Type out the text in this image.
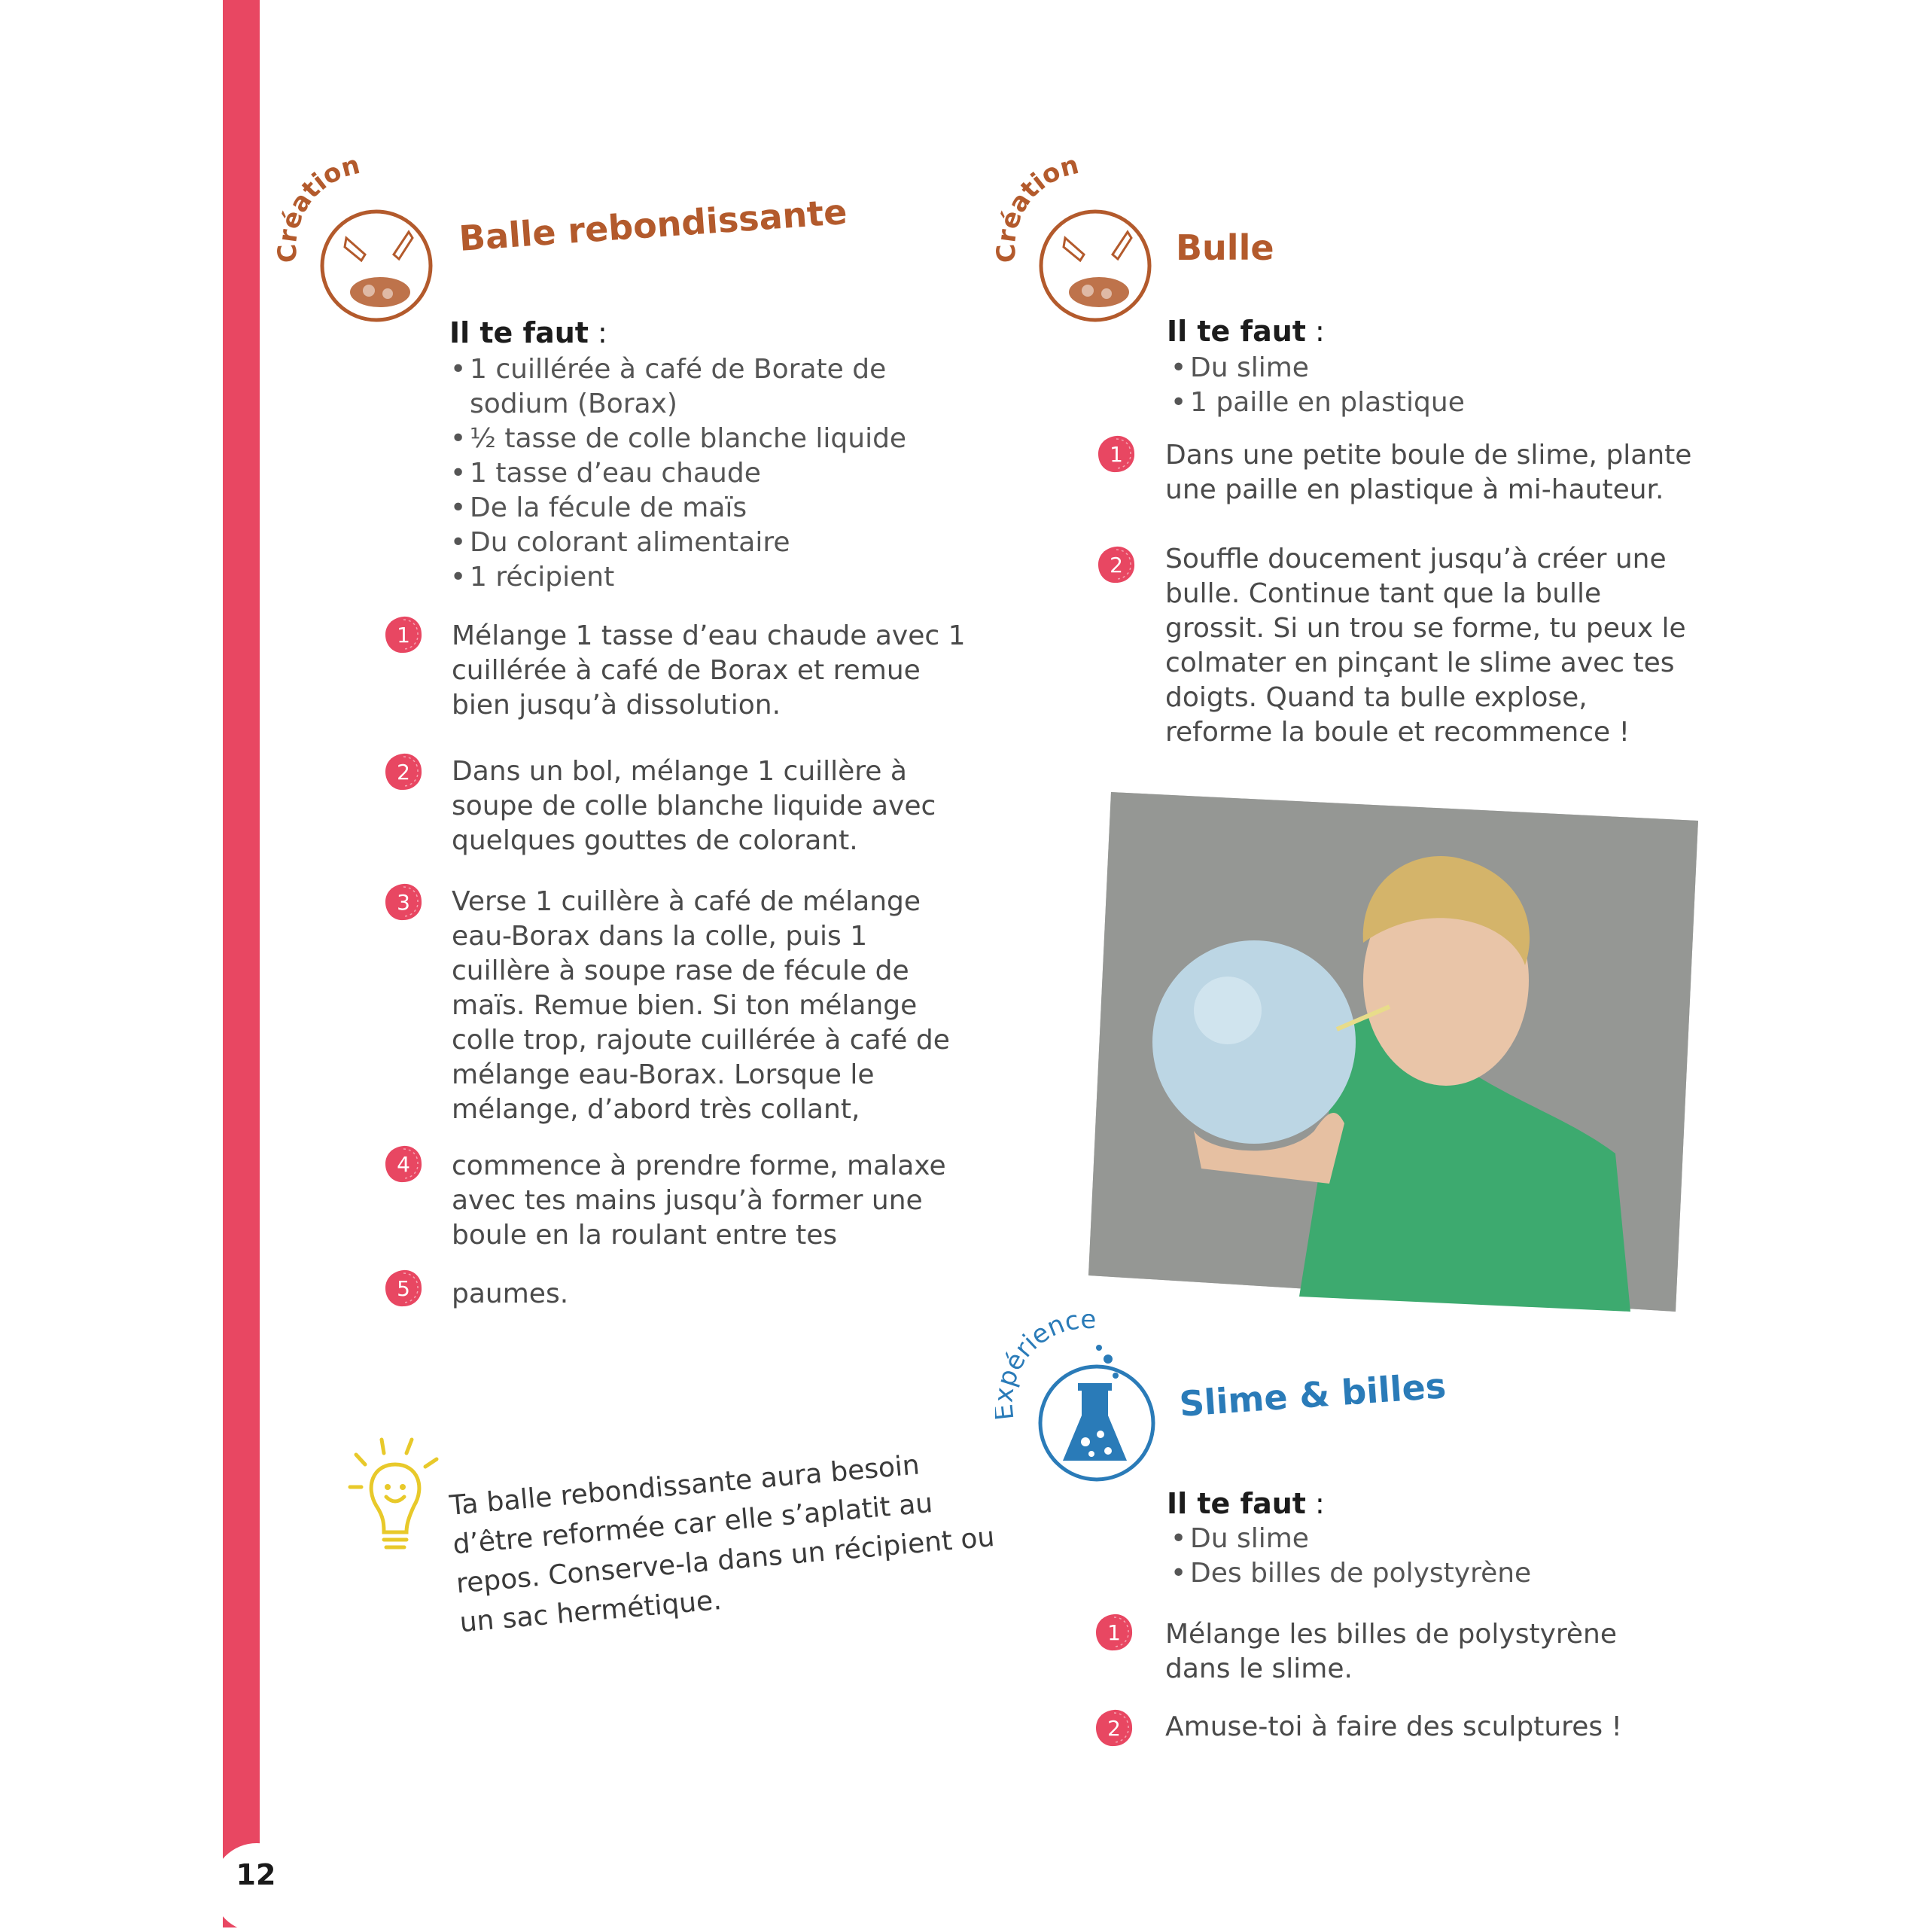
12
Création
Balle rebondissante
Il te faut :
• 1 cuillérée à café de Borate de sodium (Borax)
• ½ tasse de colle blanche liquide
• 1 tasse d’eau chaude
• De la fécule de maïs
• Du colorant alimentaire
• 1 récipient
1 Mélange 1 tasse d’eau chaude avec 1 cuillérée à café de Borax et remue bien jusqu’à dissolution.

2 Dans un bol, mélange 1 cuillère à soupe de colle blanche liquide avec quelques gouttes de colorant.

3 Verse 1 cuillère à café de mélange eau-Borax dans la colle, puis 1 cuillère à soupe rase de fécule de maïs. Remue bien. Si ton mélange colle trop, rajoute cuillérée à café de mélange eau-Borax. Lorsque le mélange, d’abord très collant,

4 commence à prendre forme, malaxe avec tes mains jusqu’à former une boule en la roulant entre tes

5 paumes.

Ta balle rebondissante aura besoin d’être reformée car elle s’aplatit au repos. Conserve-la dans un récipient ou un sac hermétique.

Création
Bulle
Il te faut :
• Du slime
• 1 paille en plastique
1 Dans une petite boule de slime, plante une paille en plastique à mi-hauteur.

2 Souffle doucement jusqu’à créer une bulle. Continue tant que la bulle grossit. Si un trou se forme, tu peux le colmater en pinçant le slime avec tes doigts. Quand ta bulle explose, reforme la boule et recommence !

érience
Slime & billes
Il te faut :
• Du slime
• Des billes de polystyrène
1 Mélange les billes de polystyrène dans le slime.

2 Amuse-toi à faire des sculptures !
